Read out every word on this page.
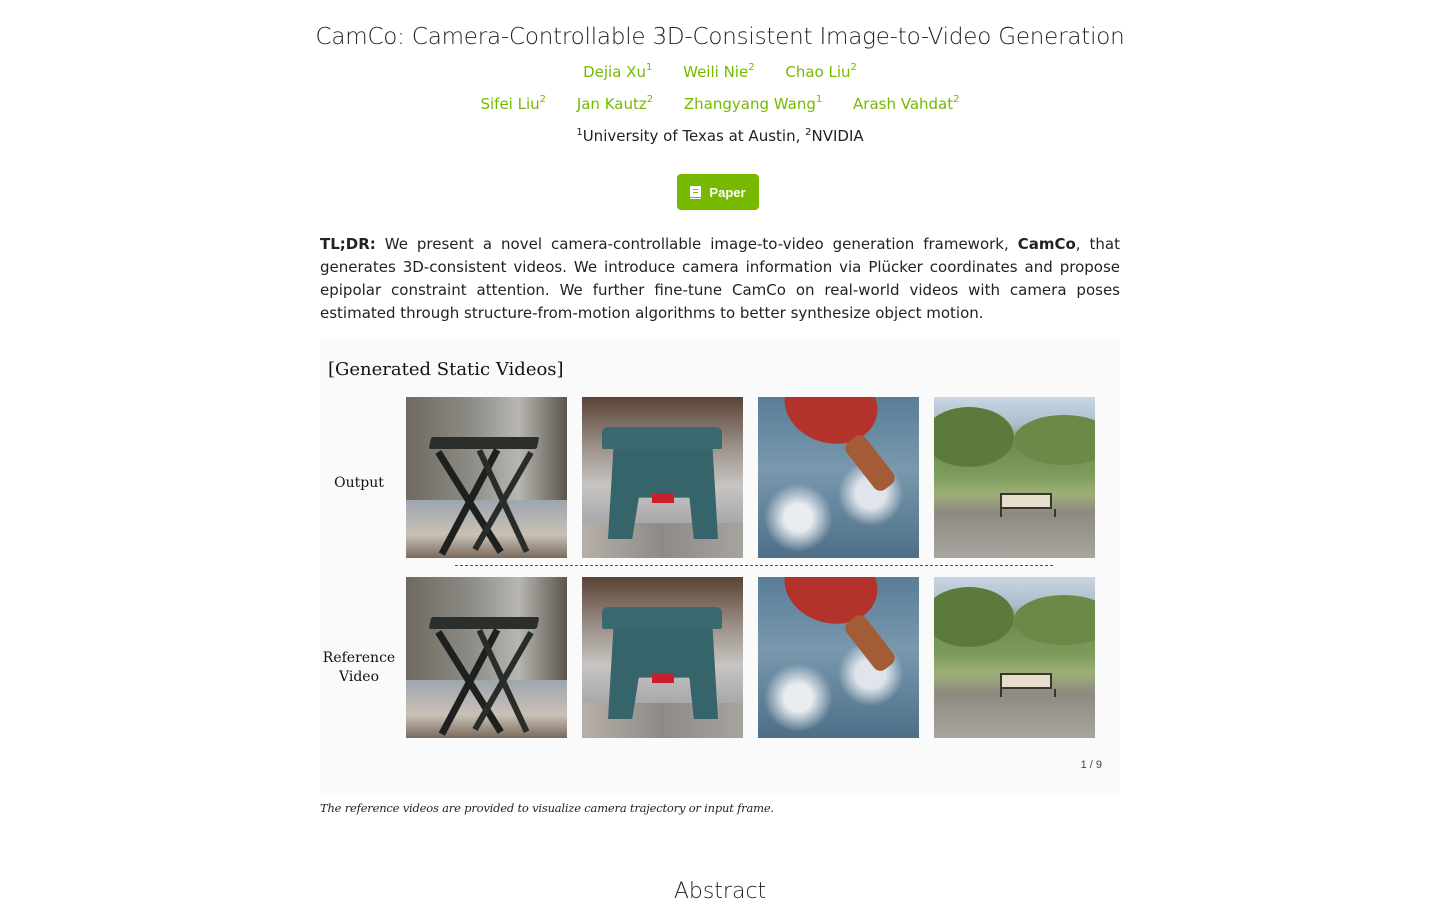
CamCo: Camera-Controllable 3D-Consistent Image-to-Video Generation
Dejia Xu$^1$ Weili Nie$^2$ Chao Liu$^2$
Sifei Liu$^2$ Jan Kautz$^2$ Zhangyang Wang$^1$ Arash Vahdat$^2$
$^1$University of Texas at Austin, $^2$NVIDIA
Paper

TL;DR: We present a novel camera-controllable image-to-video generation framework, CamCo, that generates 3D-consistent videos. We introduce camera information via Plücker coordinates and propose epipolar constraint attention. We further fine-tune CamCo on real-world videos with camera poses estimated through structure-from-motion algorithms to better synthesize object motion.

[Generated Static Videos]
Output
Reference
Video
1 / 9

The reference videos are provided to visualize camera trajectory or input frame.

Abstract
